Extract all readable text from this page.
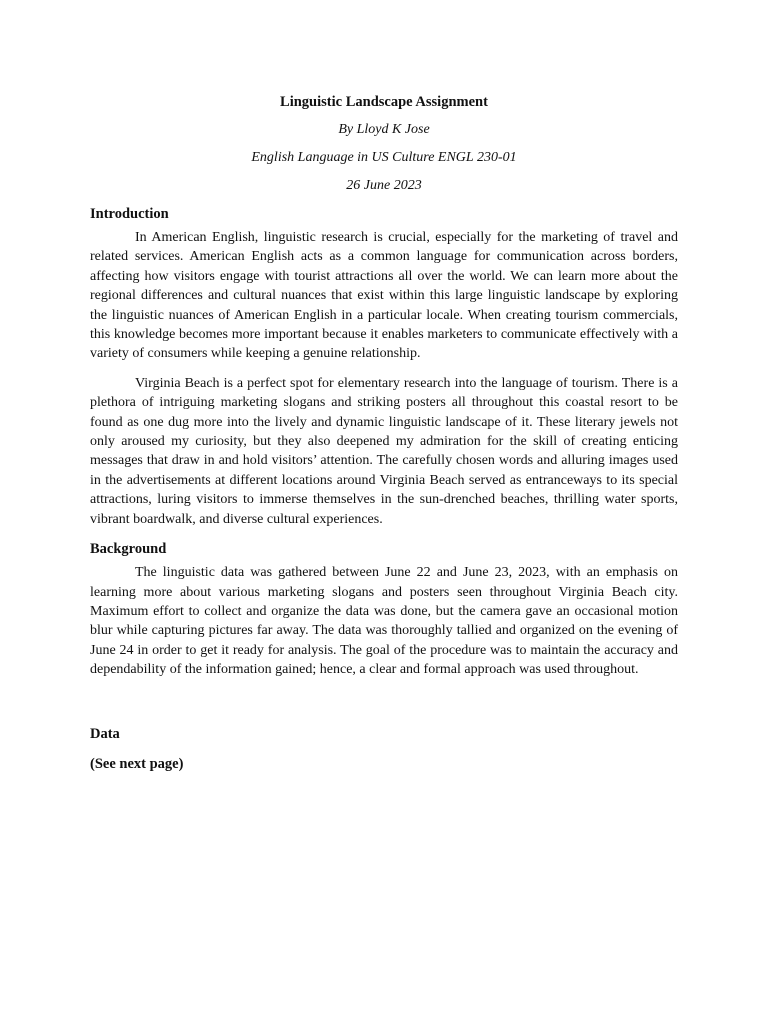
Linguistic Landscape Assignment

By Lloyd K Jose

English Language in US Culture ENGL 230-01

26 June 2023

Introduction

In American English, linguistic research is crucial, especially for the marketing of travel and related services. American English acts as a common language for communication across borders, affecting how visitors engage with tourist attractions all over the world. We can learn more about the regional differences and cultural nuances that exist within this large linguistic landscape by exploring the linguistic nuances of American English in a particular locale. When creating tourism commercials, this knowledge becomes more important because it enables marketers to communicate effectively with a variety of consumers while keeping a genuine relationship.

Virginia Beach is a perfect spot for elementary research into the language of tourism. There is a plethora of intriguing marketing slogans and striking posters all throughout this coastal resort to be found as one dug more into the lively and dynamic linguistic landscape of it. These literary jewels not only aroused my curiosity, but they also deepened my admiration for the skill of creating enticing messages that draw in and hold visitors’ attention. The carefully chosen words and alluring images used in the advertisements at different locations around Virginia Beach served as entranceways to its special attractions, luring visitors to immerse themselves in the sun-drenched beaches, thrilling water sports, vibrant boardwalk, and diverse cultural experiences.

Background

The linguistic data was gathered between June 22 and June 23, 2023, with an emphasis on learning more about various marketing slogans and posters seen throughout Virginia Beach city. Maximum effort to collect and organize the data was done, but the camera gave an occasional motion blur while capturing pictures far away. The data was thoroughly tallied and organized on the evening of June 24 in order to get it ready for analysis. The goal of the procedure was to maintain the accuracy and dependability of the information gained; hence, a clear and formal approach was used throughout.

Data

(See next page)
